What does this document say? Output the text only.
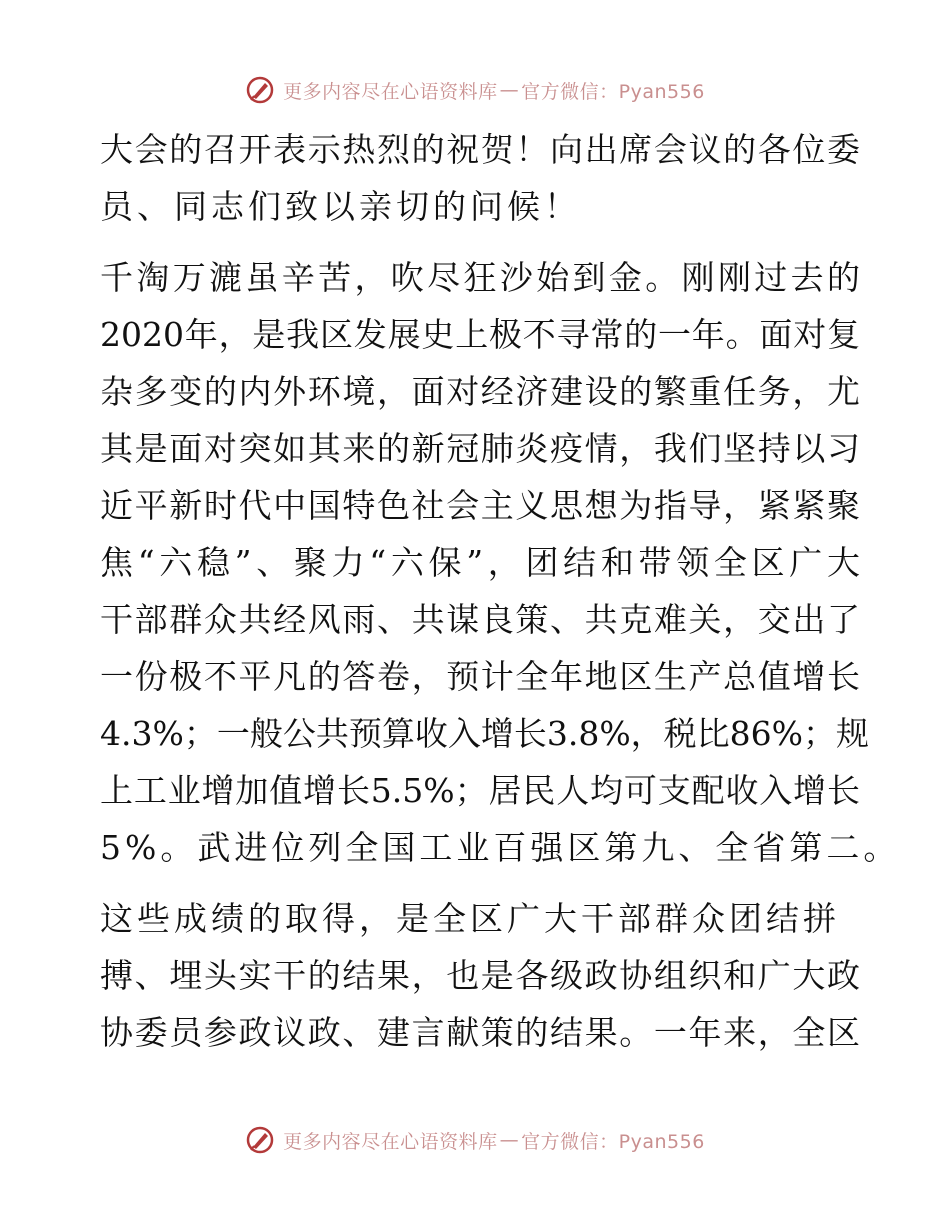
更多内容尽在心语资料库 — 官方微信：Pyan556
大会的召开表示热烈的祝贺！向出席会议的各位委
员、同志们致以亲切的问候！
千淘万漉虽辛苦，吹尽狂沙始到金。刚刚过去的
2020年，是我区发展史上极不寻常的一年。面对复
杂多变的内外环境，面对经济建设的繁重任务，尤
其是面对突如其来的新冠肺炎疫情，我们坚持以习
近平新时代中国特色社会主义思想为指导，紧紧聚
焦“六稳”、聚力“六保”，团结和带领全区广大
干部群众共经风雨、共谋良策、共克难关，交出了
一份极不平凡的答卷，预计全年地区生产总值增长
4.3%；一般公共预算收入增长3.8%，税比86%；规
上工业增加值增长5.5%；居民人均可支配收入增长
5%。武进位列全国工业百强区第九、全省第二。
这些成绩的取得，是全区广大干部群众团结拼
搏、埋头实干的结果，也是各级政协组织和广大政
协委员参政议政、建言献策的结果。一年来，全区
更多内容尽在心语资料库 — 官方微信：Pyan556
